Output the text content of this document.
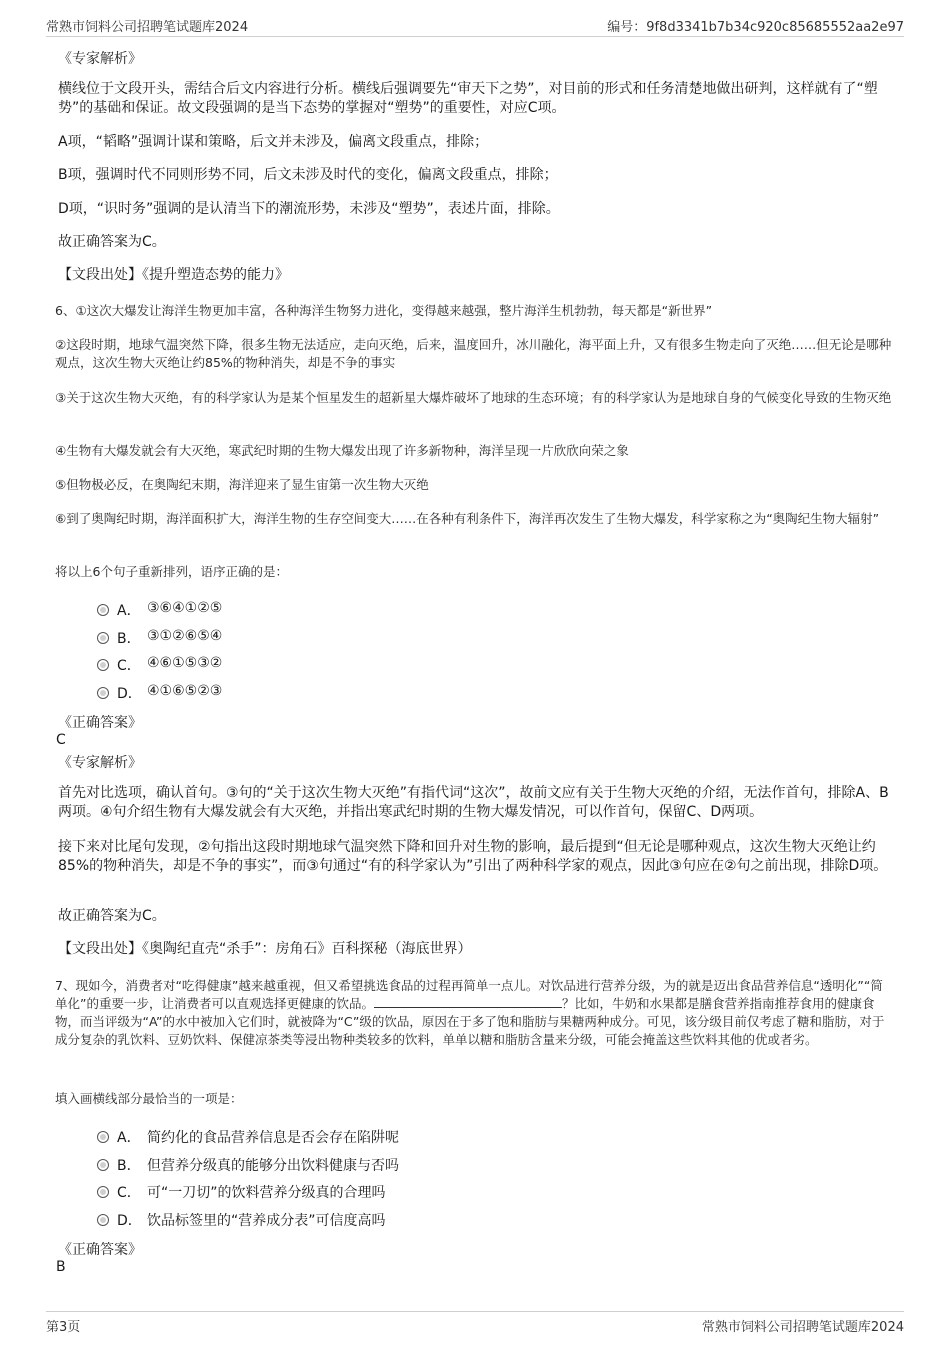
常熟市饲料公司招聘笔试题库2024	编号：9f8d3341b7b34c920c85685552aa2e97
《专家解析》

横线位于文段开头，需结合后文内容进行分析。横线后强调要先“审天下之势”，对目前的形式和任务清楚地做出研判，这样就有了“塑势”的基础和保证。故文段强调的是当下态势的掌握对“塑势”的重要性，对应C项。

A项，“韬略”强调计谋和策略，后文并未涉及，偏离文段重点，排除；

B项，强调时代不同则形势不同，后文未涉及时代的变化，偏离文段重点，排除；

D项，“识时务”强调的是认清当下的潮流形势，未涉及“塑势”，表述片面，排除。

故正确答案为C。

【文段出处】《提升塑造态势的能力》

6、①这次大爆发让海洋生物更加丰富，各种海洋生物努力进化，变得越来越强，整片海洋生机勃勃，每天都是“新世界”

②这段时期，地球气温突然下降，很多生物无法适应，走向灭绝，后来，温度回升，冰川融化，海平面上升，又有很多生物走向了灭绝……但无论是哪种观点，这次生物大灭绝让约85%的物种消失，却是不争的事实

③关于这次生物大灭绝，有的科学家认为是某个恒星发生的超新星大爆炸破坏了地球的生态环境；有的科学家认为是地球自身的气候变化导致的生物灭绝

④生物有大爆发就会有大灭绝，寒武纪时期的生物大爆发出现了许多新物种，海洋呈现一片欣欣向荣之象

⑤但物极必反，在奥陶纪末期，海洋迎来了显生宙第一次生物大灭绝

⑥到了奥陶纪时期，海洋面积扩大，海洋生物的生存空间变大……在各种有利条件下，海洋再次发生了生物大爆发，科学家称之为“奥陶纪生物大辐射”

将以上6个句子重新排列，语序正确的是：

A． ③⑥④①②⑤
B． ③①②⑥⑤④
C． ④⑥①⑤③②
D． ④①⑥⑤②③
《正确答案》
C
《专家解析》

首先对比选项，确认首句。③句的“关于这次生物大灭绝”有指代词“这次”，故前文应有关于生物大灭绝的介绍，无法作首句，排除A、B两项。④句介绍生物有大爆发就会有大灭绝，并指出寒武纪时期的生物大爆发情况，可以作首句，保留C、D两项。

接下来对比尾句发现，②句指出这段时期地球气温突然下降和回升对生物的影响，最后提到“但无论是哪种观点，这次生物大灭绝让约85%的物种消失，却是不争的事实”，而③句通过“有的科学家认为”引出了两种科学家的观点，因此③句应在②句之前出现，排除D项。

故正确答案为C。

【文段出处】《奥陶纪直壳“杀手”：房角石》百科探秘（海底世界）

7、现如今，消费者对“吃得健康”越来越重视，但又希望挑选食品的过程再简单一点儿。对饮品进行营养分级，为的就是迈出食品营养信息“透明化”“简单化”的重要一步，让消费者可以直观选择更健康的饮品。	？比如，牛奶和水果都是膳食营养指南推荐食用的健康食物，而当评级为“A”的水中被加入它们时，就被降为“C”级的饮品，原因在于多了饱和脂肪与果糖两种成分。可见，该分级目前仅考虑了糖和脂肪，对于成分复杂的乳饮料、豆奶饮料、保健凉茶类等浸出物种类较多的饮料，单单以糖和脂肪含量来分级，可能会掩盖这些饮料其他的优或者劣。

填入画横线部分最恰当的一项是：

A． 简约化的食品营养信息是否会存在陷阱呢
B． 但营养分级真的能够分出饮料健康与否吗
C． 可“一刀切”的饮料营养分级真的合理吗
D． 饮品标签里的“营养成分表”可信度高吗
《正确答案》
B
第3页	常熟市饲料公司招聘笔试题库2024
